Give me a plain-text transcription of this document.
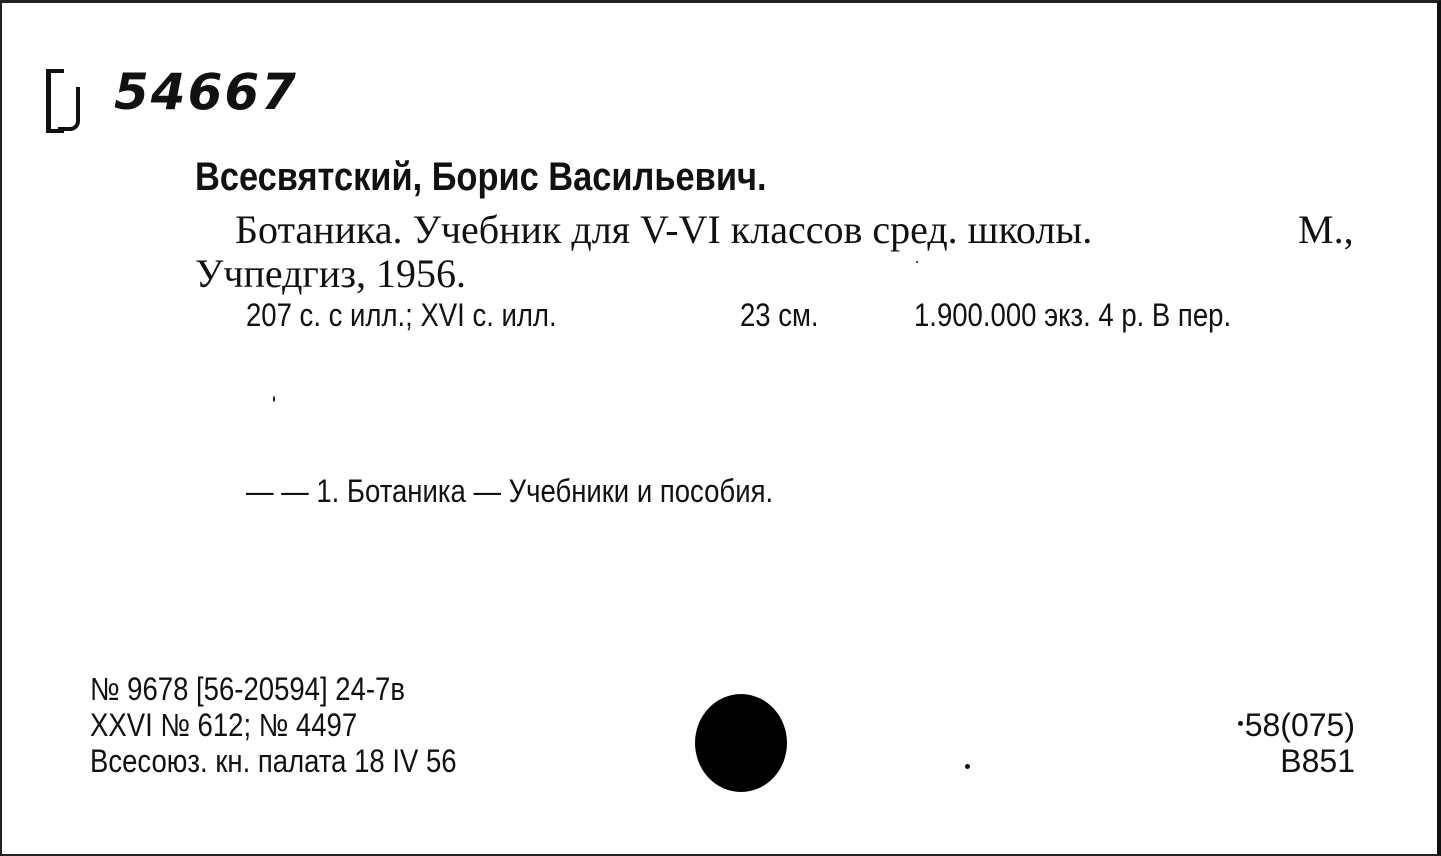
54667
Всесвятский, Борис Васильевич.
Ботаника. Учебник для V-VI классов сред. школы.	М.,
Учпедгиз, 1956.
207 с. с илл.; XVI с. илл.	23 см.	1.900.000 экз. 4 р. В пер.
— — 1. Ботаника — Учебники и пособия.
№ 9678 [56-20594] 24-7в
XXVI № 612; № 4497
Всесоюз. кн. палата 18 IV 56
58(075)
В851
